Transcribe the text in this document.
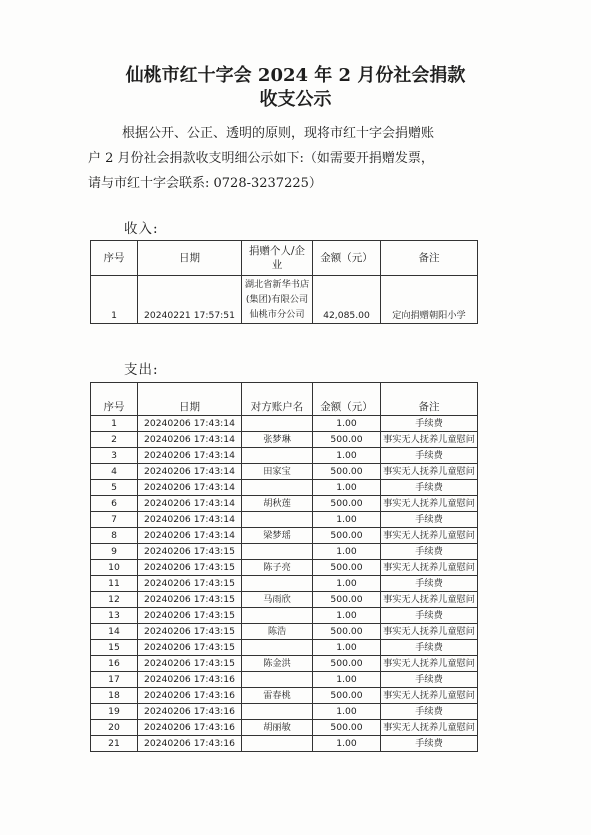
仙桃市红十字会 2024 年 2 月份社会捐款
收支公示

根据公开、公正、透明的原则，现将市红十字会捐赠账

户 2 月份社会捐款收支明细公示如下:（如需要开捐赠发票，

请与市红十字会联系: 0728-3237225）

收入:
序号	日期	捐赠个人/企业	金额（元）	备注
1	20240221 17:57:51	湖北省新华书店(集团)有限公司仙桃市分公司	42,085.00	定向捐赠朝阳小学
支出:
序号	日期	对方账户名	金额（元）	备注
1	20240206 17:43:14		1.00	手续费
2	20240206 17:43:14	张梦琳	500.00	事实无人抚养儿童慰问
3	20240206 17:43:14		1.00	手续费
4	20240206 17:43:14	田家宝	500.00	事实无人抚养儿童慰问
5	20240206 17:43:14		1.00	手续费
6	20240206 17:43:14	胡秋莲	500.00	事实无人抚养儿童慰问
7	20240206 17:43:14		1.00	手续费
8	20240206 17:43:14	梁梦瑶	500.00	事实无人抚养儿童慰问
9	20240206 17:43:15		1.00	手续费
10	20240206 17:43:15	陈子亮	500.00	事实无人抚养儿童慰问
11	20240206 17:43:15		1.00	手续费
12	20240206 17:43:15	马雨欣	500.00	事实无人抚养儿童慰问
13	20240206 17:43:15		1.00	手续费
14	20240206 17:43:15	陈浩	500.00	事实无人抚养儿童慰问
15	20240206 17:43:15		1.00	手续费
16	20240206 17:43:15	陈金洪	500.00	事实无人抚养儿童慰问
17	20240206 17:43:16		1.00	手续费
18	20240206 17:43:16	雷春桃	500.00	事实无人抚养儿童慰问
19	20240206 17:43:16		1.00	手续费
20	20240206 17:43:16	胡丽敏	500.00	事实无人抚养儿童慰问
21	20240206 17:43:16		1.00	手续费
